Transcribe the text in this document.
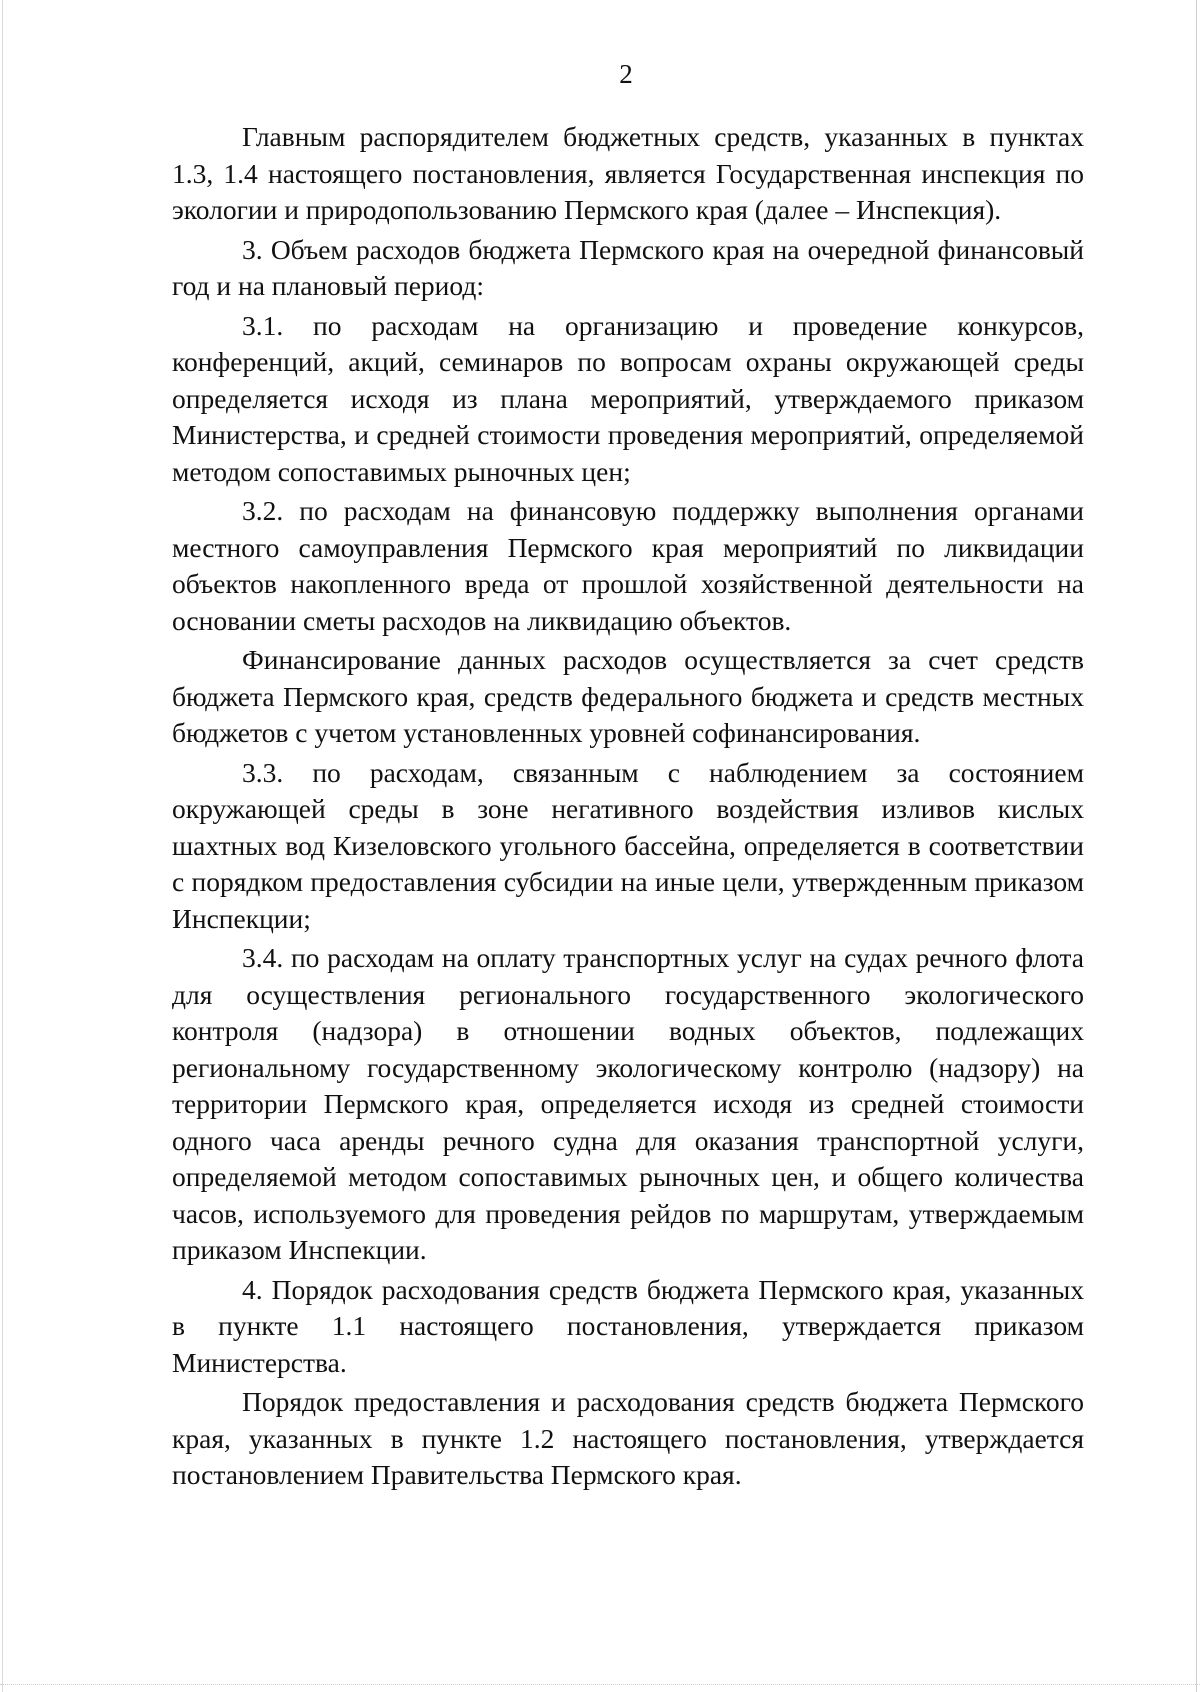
2

Главным распорядителем бюджетных средств, указанных в пунктах 1.3, 1.4 настоящего постановления, является Государственная инспекция по экологии и природопользованию Пермского края (далее – Инспекция).

3. Объем расходов бюджета Пермского края на очередной финансовый год и на плановый период:

3.1. по расходам на организацию и проведение конкурсов, конференций, акций, семинаров по вопросам охраны окружающей среды определяется исходя из плана мероприятий, утверждаемого приказом Министерства, и средней стоимости проведения мероприятий, определяемой методом сопоставимых рыночных цен;

3.2. по расходам на финансовую поддержку выполнения органами местного самоуправления Пермского края мероприятий по ликвидации объектов накопленного вреда от прошлой хозяйственной деятельности на основании сметы расходов на ликвидацию объектов.

Финансирование данных расходов осуществляется за счет средств бюджета Пермского края, средств федерального бюджета и средств местных бюджетов с учетом установленных уровней софинансирования.

3.3. по расходам, связанным с наблюдением за состоянием окружающей среды в зоне негативного воздействия изливов кислых шахтных вод Кизеловского угольного бассейна, определяется в соответствии с порядком предоставления субсидии на иные цели, утвержденным приказом Инспекции;

3.4. по расходам на оплату транспортных услуг на судах речного флота для осуществления регионального государственного экологического контроля (надзора) в отношении водных объектов, подлежащих региональному государственному экологическому контролю (надзору) на территории Пермского края, определяется исходя из средней стоимости одного часа аренды речного судна для оказания транспортной услуги, определяемой методом сопоставимых рыночных цен, и общего количества часов, используемого для проведения рейдов по маршрутам, утверждаемым приказом Инспекции.

4. Порядок расходования средств бюджета Пермского края, указанных в пункте 1.1 настоящего постановления, утверждается приказом Министерства.

Порядок предоставления и расходования средств бюджета Пермского края, указанных в пункте 1.2 настоящего постановления, утверждается постановлением Правительства Пермского края.
